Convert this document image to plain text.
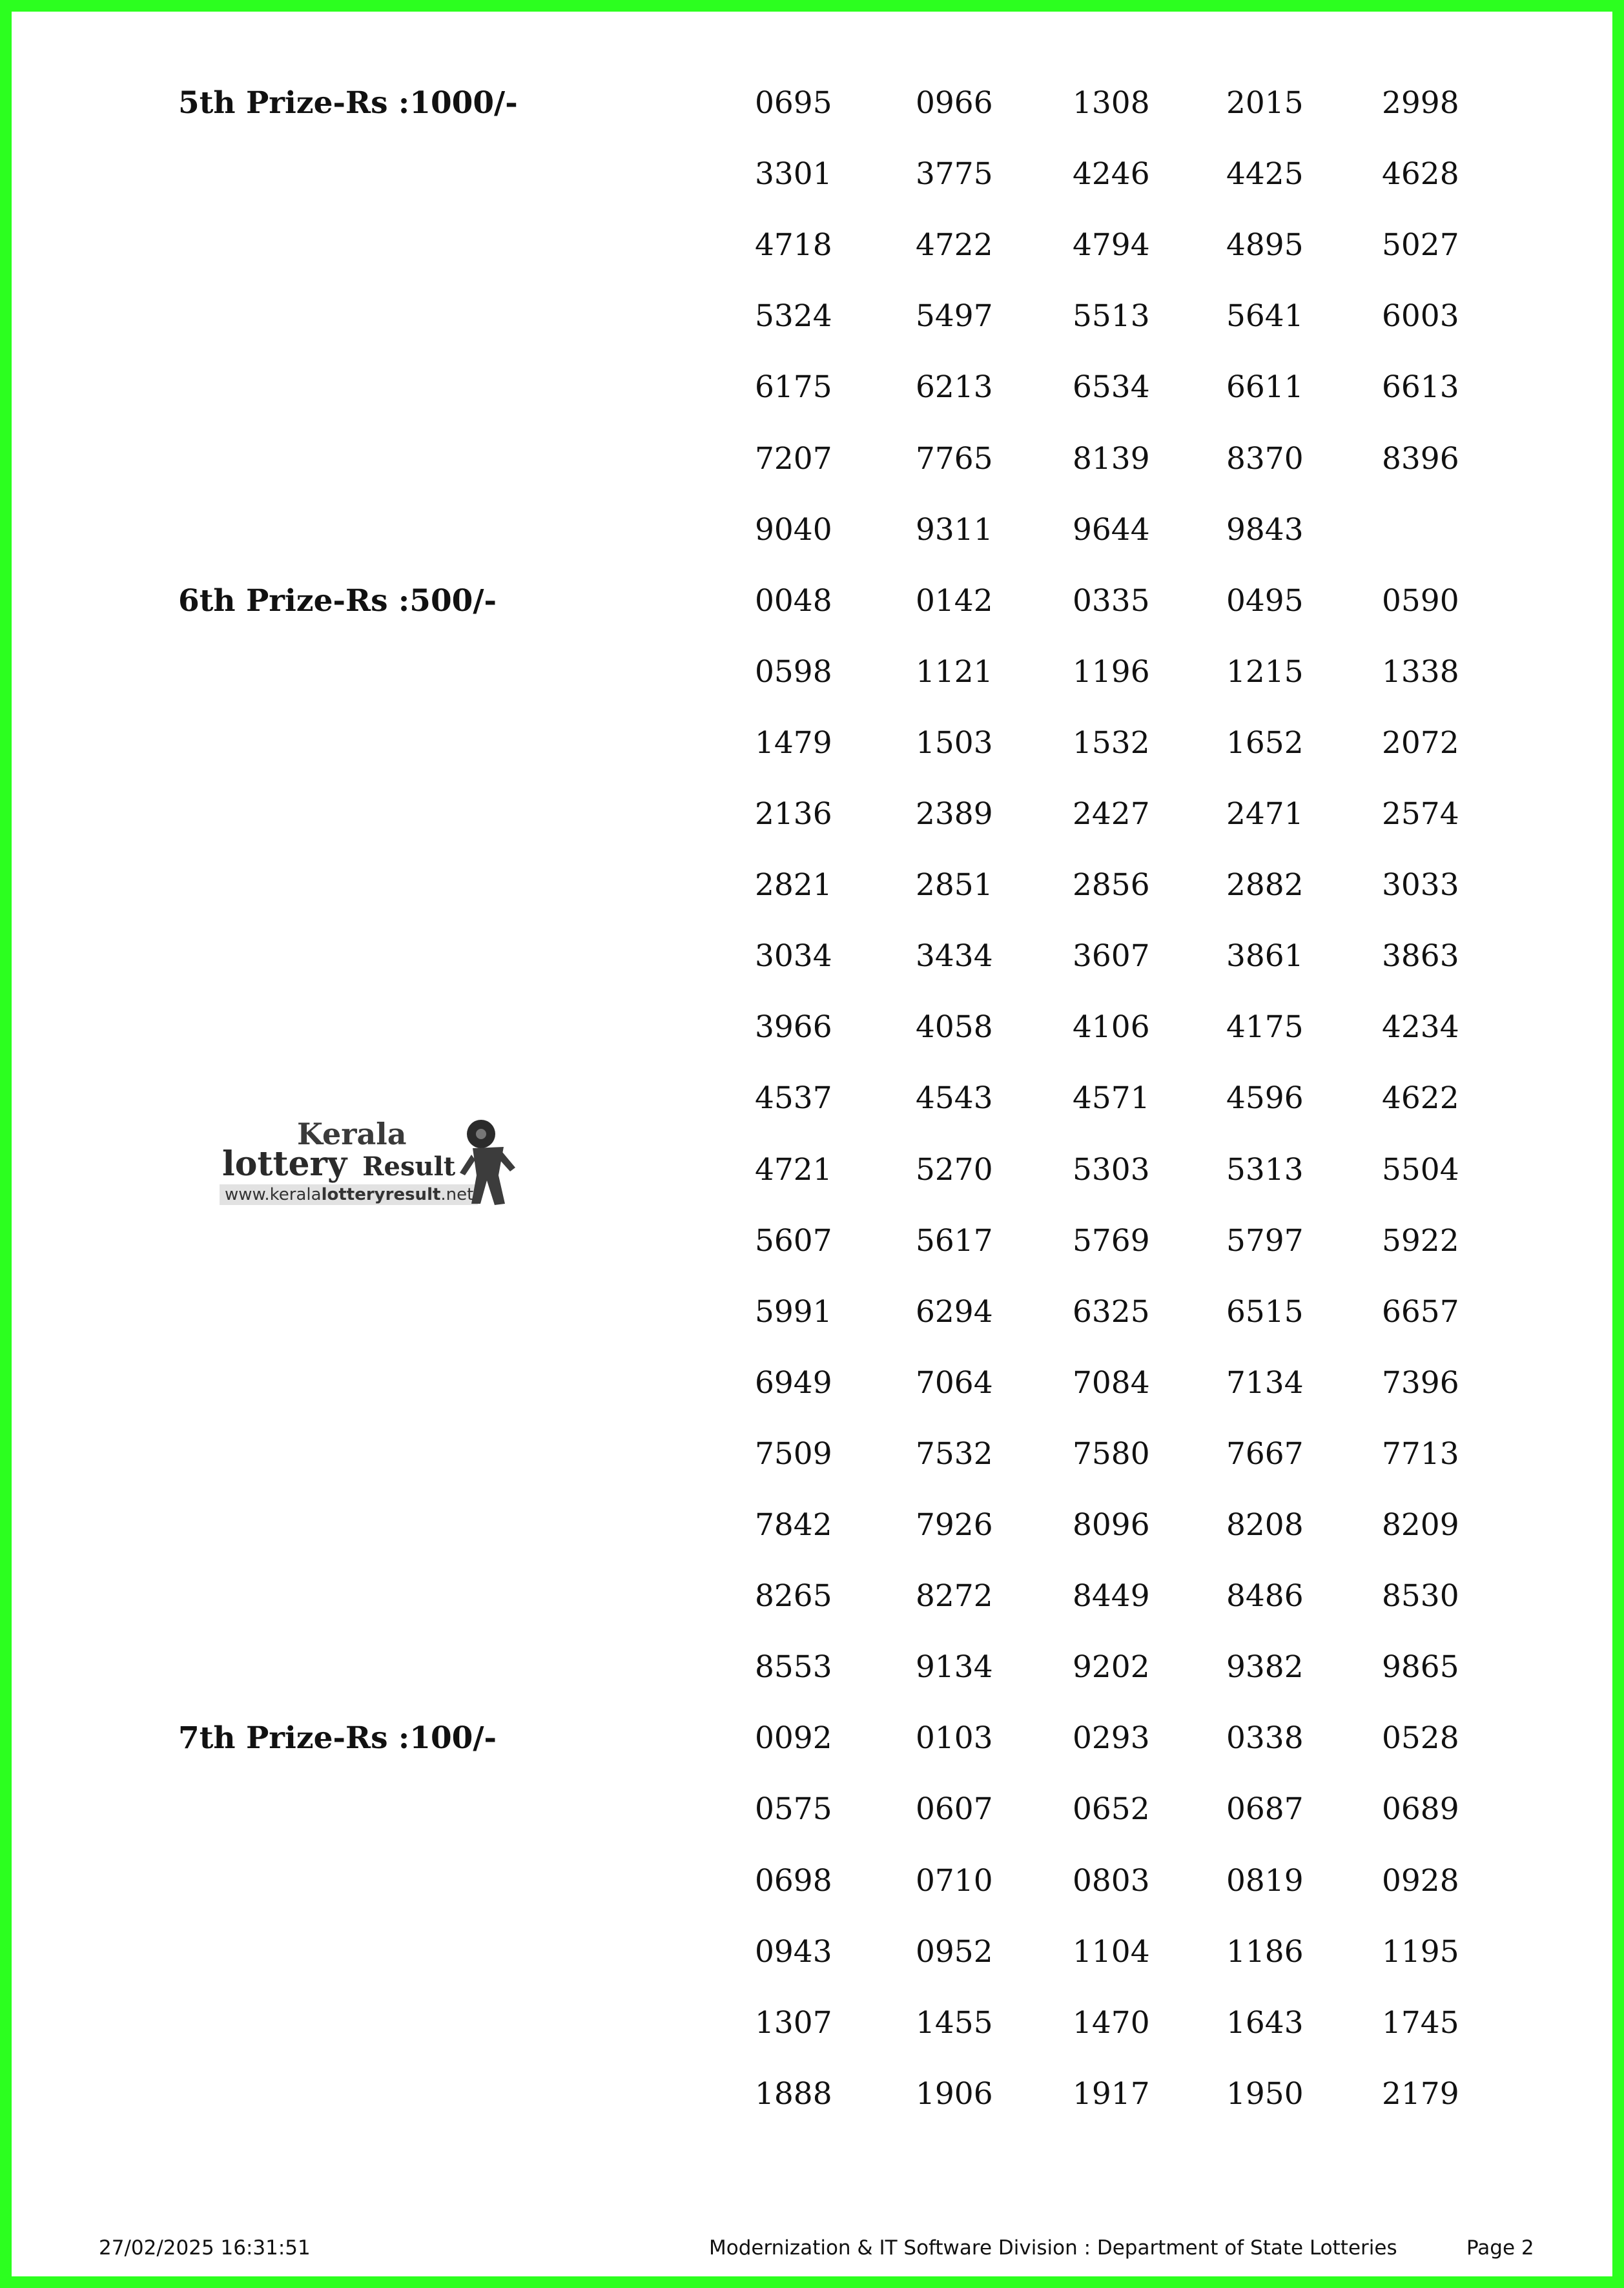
5th Prize-Rs :1000/-	0695	0966	1308	2015	2998
3301	3775	4246	4425	4628
4718	4722	4794	4895	5027
5324	5497	5513	5641	6003
6175	6213	6534	6611	6613
7207	7765	8139	8370	8396
9040	9311	9644	9843
6th Prize-Rs :500/-	0048	0142	0335	0495	0590
0598	1121	1196	1215	1338
1479	1503	1532	1652	2072
2136	2389	2427	2471	2574
2821	2851	2856	2882	3033
3034	3434	3607	3861	3863
3966	4058	4106	4175	4234
4537	4543	4571	4596	4622
4721	5270	5303	5313	5504
5607	5617	5769	5797	5922
5991	6294	6325	6515	6657
6949	7064	7084	7134	7396
7509	7532	7580	7667	7713
7842	7926	8096	8208	8209
8265	8272	8449	8486	8530
8553	9134	9202	9382	9865
7th Prize-Rs :100/-	0092	0103	0293	0338	0528
0575	0607	0652	0687	0689
0698	0710	0803	0819	0928
0943	0952	1104	1186	1195
1307	1455	1470	1643	1745
1888	1906	1917	1950	2179
Kerala
lottery Result
www.keralalotteryresult.net
27/02/2025 16:31:51	Modernization & IT Software Division : Department of State Lotteries	Page 2
